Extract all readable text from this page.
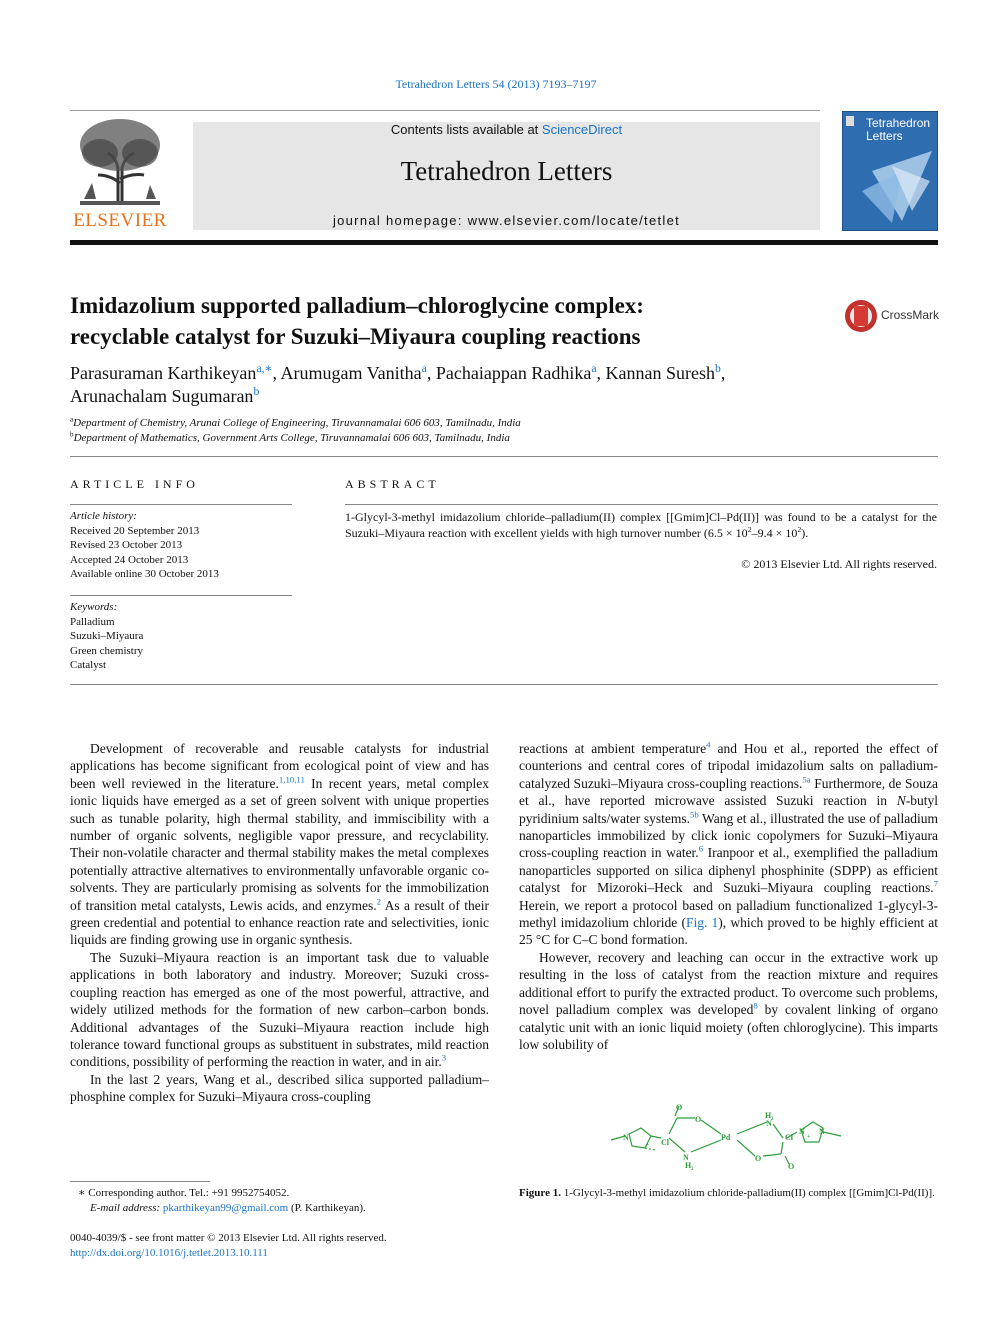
Tetrahedron Letters 54 (2013) 7193–7197
ELSEVIER
Contents lists available at ScienceDirect
Tetrahedron Letters
journal homepage: www.elsevier.com/locate/tetlet
Tetrahedron
Letters
Imidazolium supported palladium–chloroglycine complex:
recyclable catalyst for Suzuki–Miyaura coupling reactions
CrossMark
Parasuraman Karthikeyan$^{a,∗}$, Arumugam Vanitha$^a$, Pachaiappan Radhika$^a$, Kannan Suresh$^b$,
Arunachalam Sugumaran$^b$
$^a$Department of Chemistry, Arunai College of Engineering, Tiruvannamalai 606 603, Tamilnadu, India
$^b$Department of Mathematics, Government Arts College, Tiruvannamalai 606 603, Tamilnadu, India
ARTICLE INFO
Article history:
Received 20 September 2013
Revised 23 October 2013
Accepted 24 October 2013
Available online 30 October 2013
Keywords:
Palladium
Suzuki–Miyaura
Green chemistry
Catalyst
ABSTRACT
1-Glycyl-3-methyl imidazolium chloride–palladium(II) complex [[Gmim]Cl–Pd(II)] was found to be a catalyst for the Suzuki–Miyaura reaction with excellent yields with high turnover number $(6.5 \times 10^2-9.4 \times 10^2)$.
© 2013 Elsevier Ltd. All rights reserved.

Development of recoverable and reusable catalysts for industrial applications has become significant from ecological point of view and has been well reviewed in the literature.$^{1,10,11}$ In recent years, metal complex ionic liquids have emerged as a set of green solvent with unique properties such as tunable polarity, high thermal stability, and immiscibility with a number of organic solvents, negligible vapor pressure, and recyclability. Their non-volatile character and thermal stability makes the metal complexes potentially attractive alternatives to environmentally unfavorable organic co-solvents. They are particularly promising as solvents for the immobilization of transition metal catalysts, Lewis acids, and enzymes.$^2$ As a result of their green credential and potential to enhance reaction rate and selectivities, ionic liquids are finding growing use in organic synthesis.

The Suzuki–Miyaura reaction is an important task due to valuable applications in both laboratory and industry. Moreover; Suzuki cross-coupling reaction has emerged as one of the most powerful, attractive, and widely utilized methods for the formation of new carbon–carbon bonds. Additional advantages of the Suzuki–Miyaura reaction include high tolerance toward functional groups as substituent in substrates, mild reaction conditions, possibility of performing the reaction in water, and in air.$^3$

In the last 2 years, Wang et al., described silica supported palladium–phosphine complex for Suzuki–Miyaura cross-coupling

reactions at ambient temperature$^4$ and Hou et al., reported the effect of counterions and central cores of tripodal imidazolium salts on palladium-catalyzed Suzuki–Miyaura cross-coupling reactions.$^{5a}$ Furthermore, de Souza et al., have reported microwave assisted Suzuki reaction in N-butyl pyridinium salts/water systems.$^{5b}$ Wang et al., illustrated the use of palladium nanoparticles immobilized by click ionic copolymers for Suzuki–Miyaura cross-coupling reaction in water.$^6$ Iranpoor et al., exemplified the palladium nanoparticles supported on silica diphenyl phosphinite (SDPP) as efficient catalyst for Mizoroki–Heck and Suzuki–Miyaura coupling reactions.$^7$ Herein, we report a protocol based on palladium functionalized 1-glycyl-3-methyl imidazolium chloride (Fig. 1), which proved to be highly efficient at 25 °C for C–C bond formation.

However, recovery and leaching can occur in the extractive work up resulting in the loss of catalyst from the reaction mixture and requires additional effort to purify the extracted product. To overcome such problems, novel palladium complex was developed$^8$ by covalent linking of organo catalytic unit with an ionic liquid moiety (often chloroglycine). This imparts low solubility of

N
+ Cl
O
O
N
H 2
Pd
N
H 2
O
Cl
O
N
+
N
Figure 1. 1-Glycyl-3-methyl imidazolium chloride-palladium(II) complex [[Gmim]Cl-Pd(II)].
∗ Corresponding author. Tel.: +91 9952754052.
E-mail address: pkarthikeyan99@gmail.com (P. Karthikeyan).
0040-4039/$ - see front matter © 2013 Elsevier Ltd. All rights reserved.
http://dx.doi.org/10.1016/j.tetlet.2013.10.111
